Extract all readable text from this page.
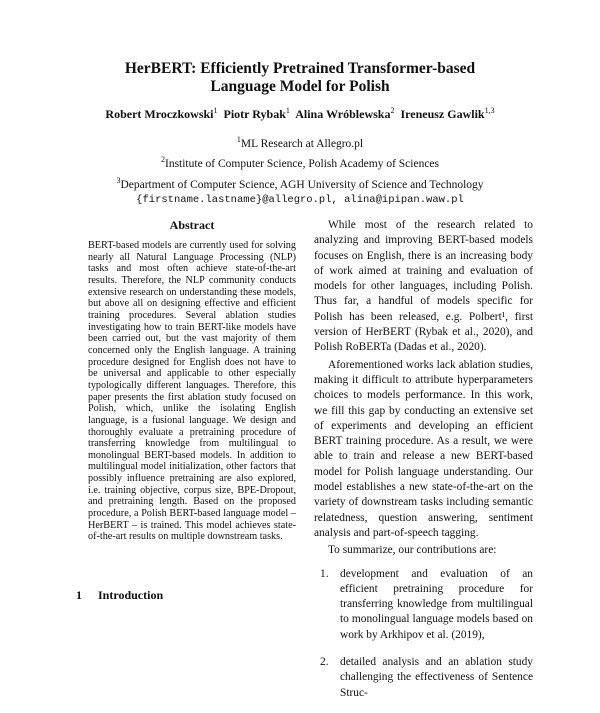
HerBERT: Efficiently Pretrained Transformer-based
Language Model for Polish
Robert Mroczkowski$^1$ Piotr Rybak$^1$ Alina Wróblewska$^2$ Ireneusz Gawlik$^{1,3}$
$^1$ML Research at Allegro.pl
$^2$Institute of Computer Science, Polish Academy of Sciences
$^3$Department of Computer Science, AGH University of Science and Technology
{firstname.lastname}@allegro.pl, alina@ipipan.waw.pl
Abstract

BERT-based models are currently used for solving nearly all Natural Language Processing (NLP) tasks and most often achieve state-of-the-art results. Therefore, the NLP community conducts extensive research on understanding these models, but above all on designing effective and efficient training procedures. Several ablation studies investigating how to train BERT-like models have been carried out, but the vast majority of them concerned only the English language. A training procedure designed for English does not have to be universal and applicable to other especially typologically different languages. Therefore, this paper presents the first ablation study focused on Polish, which, unlike the isolating English language, is a fusional language. We design and thoroughly evaluate a pretraining procedure of transferring knowledge from multilingual to monolingual BERT-based models. In addition to multilingual model initialization, other factors that possibly influence pretraining are also explored, i.e. training objective, corpus size, BPE-Dropout, and pretraining length. Based on the proposed procedure, a Polish BERT-based language model – HerBERT – is trained. This model achieves state-of-the-art results on multiple downstream tasks.

While most of the research related to analyzing and improving BERT-based models focuses on English, there is an increasing body of work aimed at training and evaluation of models for other languages, including Polish. Thus far, a handful of models specific for Polish has been released, e.g. Polbert¹, first version of HerBERT (Rybak et al., 2020), and Polish RoBERTa (Dadas et al., 2020).

Aforementioned works lack ablation studies, making it difficult to attribute hyperparameters choices to models performance. In this work, we fill this gap by conducting an extensive set of experiments and developing an efficient BERT training procedure. As a result, we were able to train and release a new BERT-based model for Polish language understanding. Our model establishes a new state-of-the-art on the variety of downstream tasks including semantic relatedness, question answering, sentiment analysis and part-of-speech tagging.

To summarize, our contributions are:

1. development and evaluation of an efficient pretraining procedure for transferring knowledge from multilingual to monolingual language models based on work by Arkhipov et al. (2019),
2. detailed analysis and an ablation study challenging the effectiveness of Sentence Struc-
1 Introduction
